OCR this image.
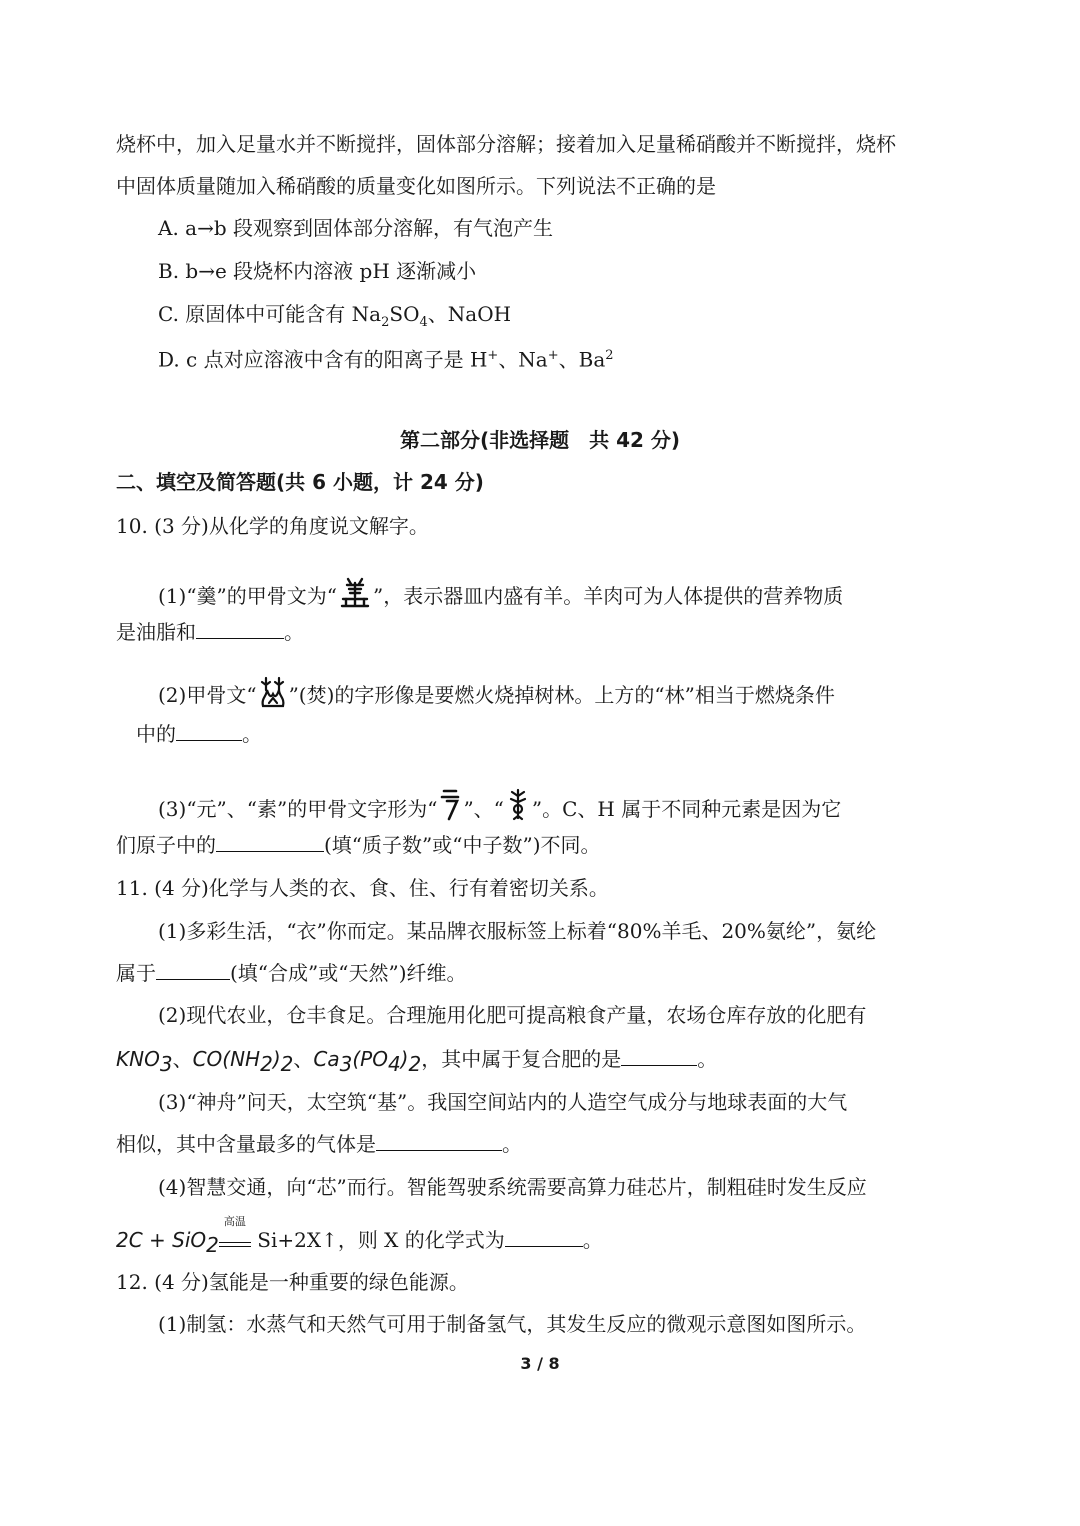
烧杯中，加入足量水并不断搅拌，固体部分溶解；接着加入足量稀硝酸并不断搅拌，烧杯
中固体质量随加入稀硝酸的质量变化如图所示。下列说法不正确的是
A. a→b 段观察到固体部分溶解，有气泡产生
B. b→e 段烧杯内溶液 pH 逐渐减小
C. 原固体中可能含有 $Na_2SO_4$、NaOH
D. c 点对应溶液中含有的阳离子是 H+、Na+、Ba$^2$
第二部分(非选择题　共 42 分)
二、填空及简答题(共 6 小题，计 24 分)
10. (3 分)从化学的角度说文解字。
(1)“羹”的甲骨文为“ ”，表示器皿内盛有羊。羊肉可为人体提供的营养物质
是油脂和	。
(2)甲骨文“ ”(焚)的字形像是要燃火烧掉树林。上方的“林”相当于燃烧条件
中的	。
(3)“元”、“素”的甲骨文字形为“ ”、“ ”。C、H 属于不同种元素是因为它
们原子中的	(填“质子数”或“中子数”)不同。
11. (4 分)化学与人类的衣、食、住、行有着密切关系。
(1)多彩生活，“衣”你而定。某品牌衣服标签上标着“80%羊毛、20%氨纶”，氨纶
属于	(填“合成”或“天然”)纤维。
(2)现代农业，仓丰食足。合理施用化肥可提高粮食产量，农场仓库存放的化肥有
$KNO_3$、$CO(NH_2)_2$、$Ca_3(PO_4)_2$，其中属于复合肥的是	。
(3)“神舟”问天，太空筑“基”。我国空间站内的人造空气成分与地球表面的大气
相似，其中含量最多的气体是	。
(4)智慧交通，向“芯”而行。智能驾驶系统需要高算力硅芯片，制粗硅时发生反应
2C + SiO$_2$
高温
Si+2X↑，则 X 的化学式为	。
12. (4 分)氢能是一种重要的绿色能源。
(1)制氢：水蒸气和天然气可用于制备氢气，其发生反应的微观示意图如图所示。
3 / 8
